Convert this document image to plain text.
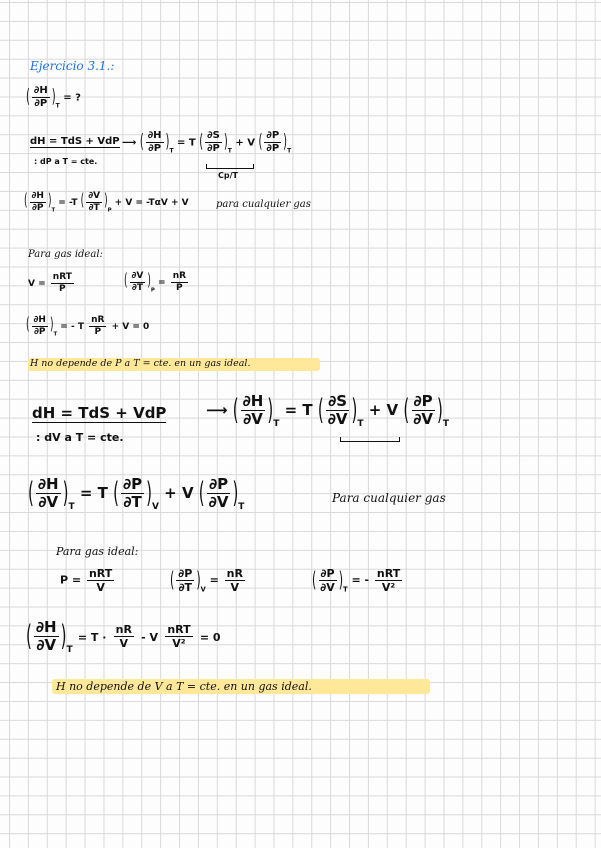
Ejercicio 3.1.:
( $\frac{\partial H}{\partial P}$ ) $_T$ = ?
dH = TdS + VdP
: dP a T = cte.
⟶ ( $\frac{\partial H}{\partial P}$ ) $_T$ = T ( $\frac{\partial S}{\partial P}$ ) $_T$ + V ( $\frac{\partial P}{\partial P}$ ) $_T$
Cp/T
( $\frac{\partial H}{\partial P}$ ) $_T$ = -T ( $\frac{\partial V}{\partial T}$ ) $_P$ + V = -TαV + V	para cualquier gas
Para gas ideal:
$V = \frac{\text{nRT}}{P}$	( $\frac{\partial V}{\partial T}$ ) $_P = \frac{nR}{P}$
( $\frac{\partial H}{\partial P}$ ) $_T$ = - T $\frac{nR}{P} + V = 0$
H no depende de P a T = cte. en un gas ideal.
dH = TdS + VdP
: dV a T = cte.
⟶ ( $\frac{\partial H}{\partial V}$ ) $_T$ = T ( $\frac{\partial S}{\partial V}$ ) $_T$ + V ( $\frac{\partial P}{\partial V}$ ) $_T$
( $\frac{\partial H}{\partial V}$ ) $_T$ = T ( $\frac{\partial P}{\partial T}$ ) $_V$ + V ( $\frac{\partial P}{\partial V}$ ) $_T$
Para cualquier gas
Para gas ideal:
$P = \frac{\text{nRT}}{V}$	( $\frac{\partial P}{\partial T}$ ) $_V = \frac{nR}{V}$	( $\frac{\partial P}{\partial V}$ ) $_T$ = - $\frac{\text{nRT}}{\text{V²}}$
( $\frac{\partial H}{\partial V}$ ) $_T = T \cdot \frac{nR}{V} - V \frac{\text{nRT}}{\text{V²}} = 0$
H no depende de V a T = cte. en un gas ideal.
